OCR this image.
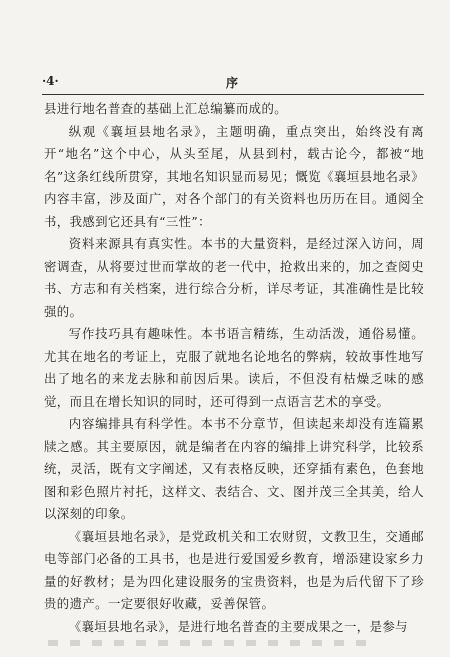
·4·	序

县进行地名普查的基础上汇总编纂而成的。

纵观《襄垣县地名录》，主题明确，重点突出，始终没有离开“地名”这个中心，从头至尾，从县到村，载古论今，都被“地名”这条红线所贯穿，其地名知识显而易见；慨览《襄垣县地名录》内容丰富，涉及面广，对各个部门的有关资料也历历在目。通阅全书，我感到它还具有“三性”：

资料来源具有真实性。本书的大量资料，是经过深入访问，周密调查，从将要过世而掌故的老一代中，抢救出来的，加之查阅史书、方志和有关档案，进行综合分析，详尽考证，其准确性是比较强的。

写作技巧具有趣味性。本书语言精练，生动活泼，通俗易懂。尤其在地名的考证上，克服了就地名论地名的弊病，较故事性地写出了地名的来龙去脉和前因后果。读后，不但没有枯燥乏味的感觉，而且在增长知识的同时，还可得到一点语言艺术的享受。

内容编排具有科学性。本书不分章节，但读起来却没有连篇累牍之感。其主要原因，就是编者在内容的编排上讲究科学，比较系统，灵活，既有文字阐述，又有表格反映，还穿插有素色，色套地图和彩色照片衬托，这样文、表结合、文、图并茂三全其美，给人以深刻的印象。

《襄垣县地名录》，是党政机关和工农财贸，文教卫生，交通邮电等部门必备的工具书，也是进行爱国爱乡教育，增添建设家乡力量的好教材；是为四化建设服务的宝贵资料，也是为后代留下了珍贵的遗产。一定要很好收藏，妥善保管。

《襄垣县地名录》，是进行地名普查的主要成果之一，是参与
